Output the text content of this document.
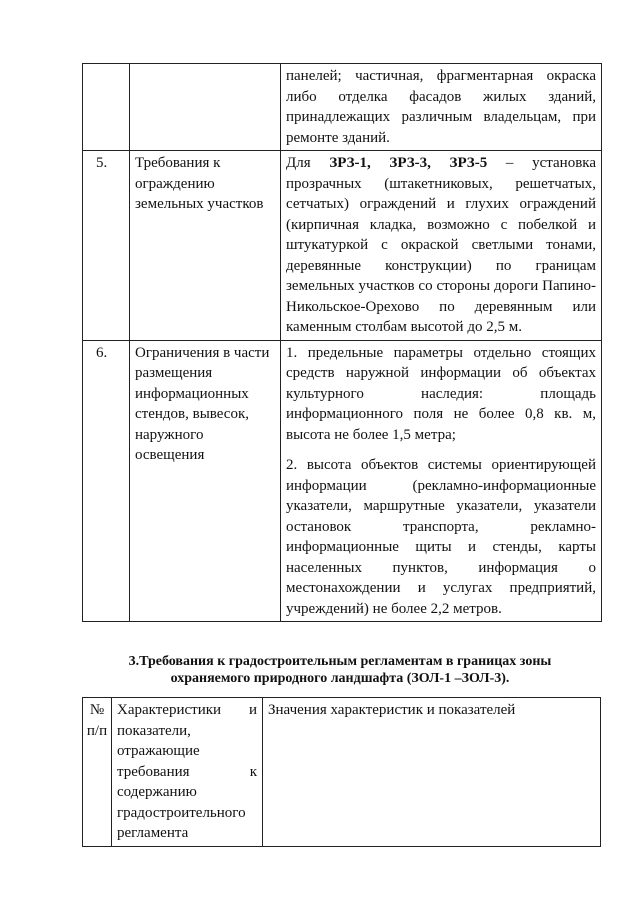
		панелей; частичная, фрагментарная окраска либо отделка фасадов жилых зданий, принадлежащих различным владельцам, при ремонте зданий.
5.	Требования к ограждению земельных участков	Для ЗРЗ-1, ЗРЗ-3, ЗРЗ-5 – установка прозрачных (штакетниковых, решетчатых, сетчатых) ограждений и глухих ограждений (кирпичная кладка, возможно с побелкой и штукатуркой с окраской светлыми тонами, деревянные конструкции) по границам земельных участков со стороны дороги Папино-Никольское-Орехово по деревянным или каменным столбам высотой до 2,5 м.
6.	Ограничения в части размещения информационных стендов, вывесок, наружного освещения	1. предельные параметры отдельно стоящих средств наружной информации об объектах культурного наследия: площадь информационного поля не более 0,8 кв. м, высота не более 1,5 метра;

2. высота объектов системы ориентирующей информации (рекламно-информационные указатели, маршрутные указатели, указатели остановок транспорта, рекламно-информационные щиты и стенды, карты населенных пунктов, информация о местонахождении и услугах предприятий, учреждений) не более 2,2 метров.

3.Требования к градостроительным регламентам в границах зоны охраняемого природного ландшафта (ЗОЛ-1 –ЗОЛ-3).
№ п/п	Характеристики и показатели, отражающие требования к содержанию градостроительного регламента	Значения характеристик и показателей
